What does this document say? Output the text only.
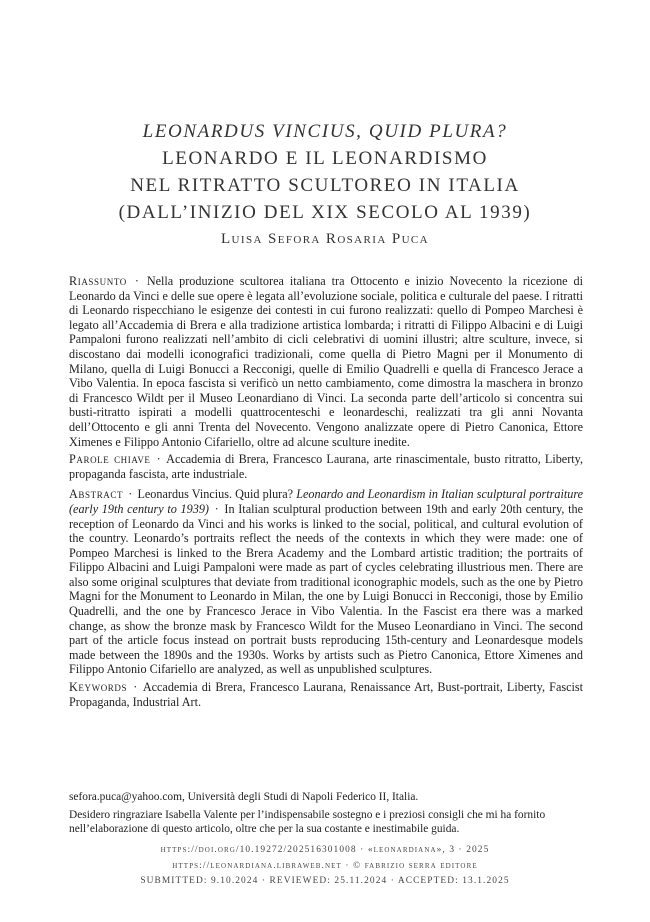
LEONARDUS VINCIUS, QUID PLURA?
LEONARDO E IL LEONARDISMO
NEL RITRATTO SCULTOREO IN ITALIA
(DALL’INIZIO DEL XIX SECOLO AL 1939)
Luisa Sefora Rosaria Puca

Riassunto · Nella produzione scultorea italiana tra Ottocento e inizio Novecento la ricezione di Leonardo da Vinci e delle sue opere è legata all’evoluzione sociale, politica e culturale del paese. I ritratti di Leonardo rispecchiano le esigenze dei contesti in cui furono realizzati: quello di Pompeo Marchesi è legato all’Accademia di Brera e alla tradizione artistica lombarda; i ritratti di Filippo Albacini e di Luigi Pampaloni furono realizzati nell’ambito di cicli celebrativi di uomini illustri; altre sculture, invece, si discostano dai modelli iconografici tradizionali, come quella di Pietro Magni per il Monumento di Milano, quella di Luigi Bonucci a Recconigi, quelle di Emilio Quadrelli e quella di Francesco Jerace a Vibo Valentia. In epoca fascista si verificò un netto cambiamento, come dimostra la maschera in bronzo di Francesco Wildt per il Museo Leonardiano di Vinci. La seconda parte dell’articolo si concentra sui busti-ritratto ispirati a modelli quattrocenteschi e leonardeschi, realizzati tra gli anni Novanta dell’Ottocento e gli anni Trenta del Novecento. Vengono analizzate opere di Pietro Canonica, Ettore Ximenes e Filippo Antonio Cifariello, oltre ad alcune sculture inedite.

Parole chiave · Accademia di Brera, Francesco Laurana, arte rinascimentale, busto ritratto, Liberty, propaganda fascista, arte industriale.

Abstract · Leonardus Vincius. Quid plura? Leonardo and Leonardism in Italian sculptural portraiture (early 19th century to 1939) · In Italian sculptural production between 19th and early 20th century, the reception of Leonardo da Vinci and his works is linked to the social, political, and cultural evolution of the country. Leonardo’s portraits reflect the needs of the contexts in which they were made: one of Pompeo Marchesi is linked to the Brera Academy and the Lombard artistic tradition; the portraits of Filippo Albacini and Luigi Pampaloni were made as part of cycles celebrating illustrious men. There are also some original sculptures that deviate from traditional iconographic models, such as the one by Pietro Magni for the Monument to Leonardo in Milan, the one by Luigi Bonucci in Recconigi, those by Emilio Quadrelli, and the one by Francesco Jerace in Vibo Valentia. In the Fascist era there was a marked change, as show the bronze mask by Francesco Wildt for the Museo Leonardiano in Vinci. The second part of the article focus instead on portrait busts reproducing 15th-century and Leonardesque models made between the 1890s and the 1930s. Works by artists such as Pietro Canonica, Ettore Ximenes and Filippo Antonio Cifariello are analyzed, as well as unpublished sculptures.

Keywords · Accademia di Brera, Francesco Laurana, Renaissance Art, Bust-portrait, Liberty, Fascist Propaganda, Industrial Art.

sefora.puca@yahoo.com, Università degli Studi di Napoli Federico II, Italia.

Desidero ringraziare Isabella Valente per l’indispensabile sostegno e i preziosi consigli che mi ha fornito nell’elaborazione di questo articolo, oltre che per la sua costante e inestimabile guida.

https://doi.org/10.19272/202516301008 · «leonardiana», 3 · 2025
https://leonardiana.libraweb.net · © fabrizio serra editore
SUBMITTED: 9.10.2024 · REVIEWED: 25.11.2024 · ACCEPTED: 13.1.2025
